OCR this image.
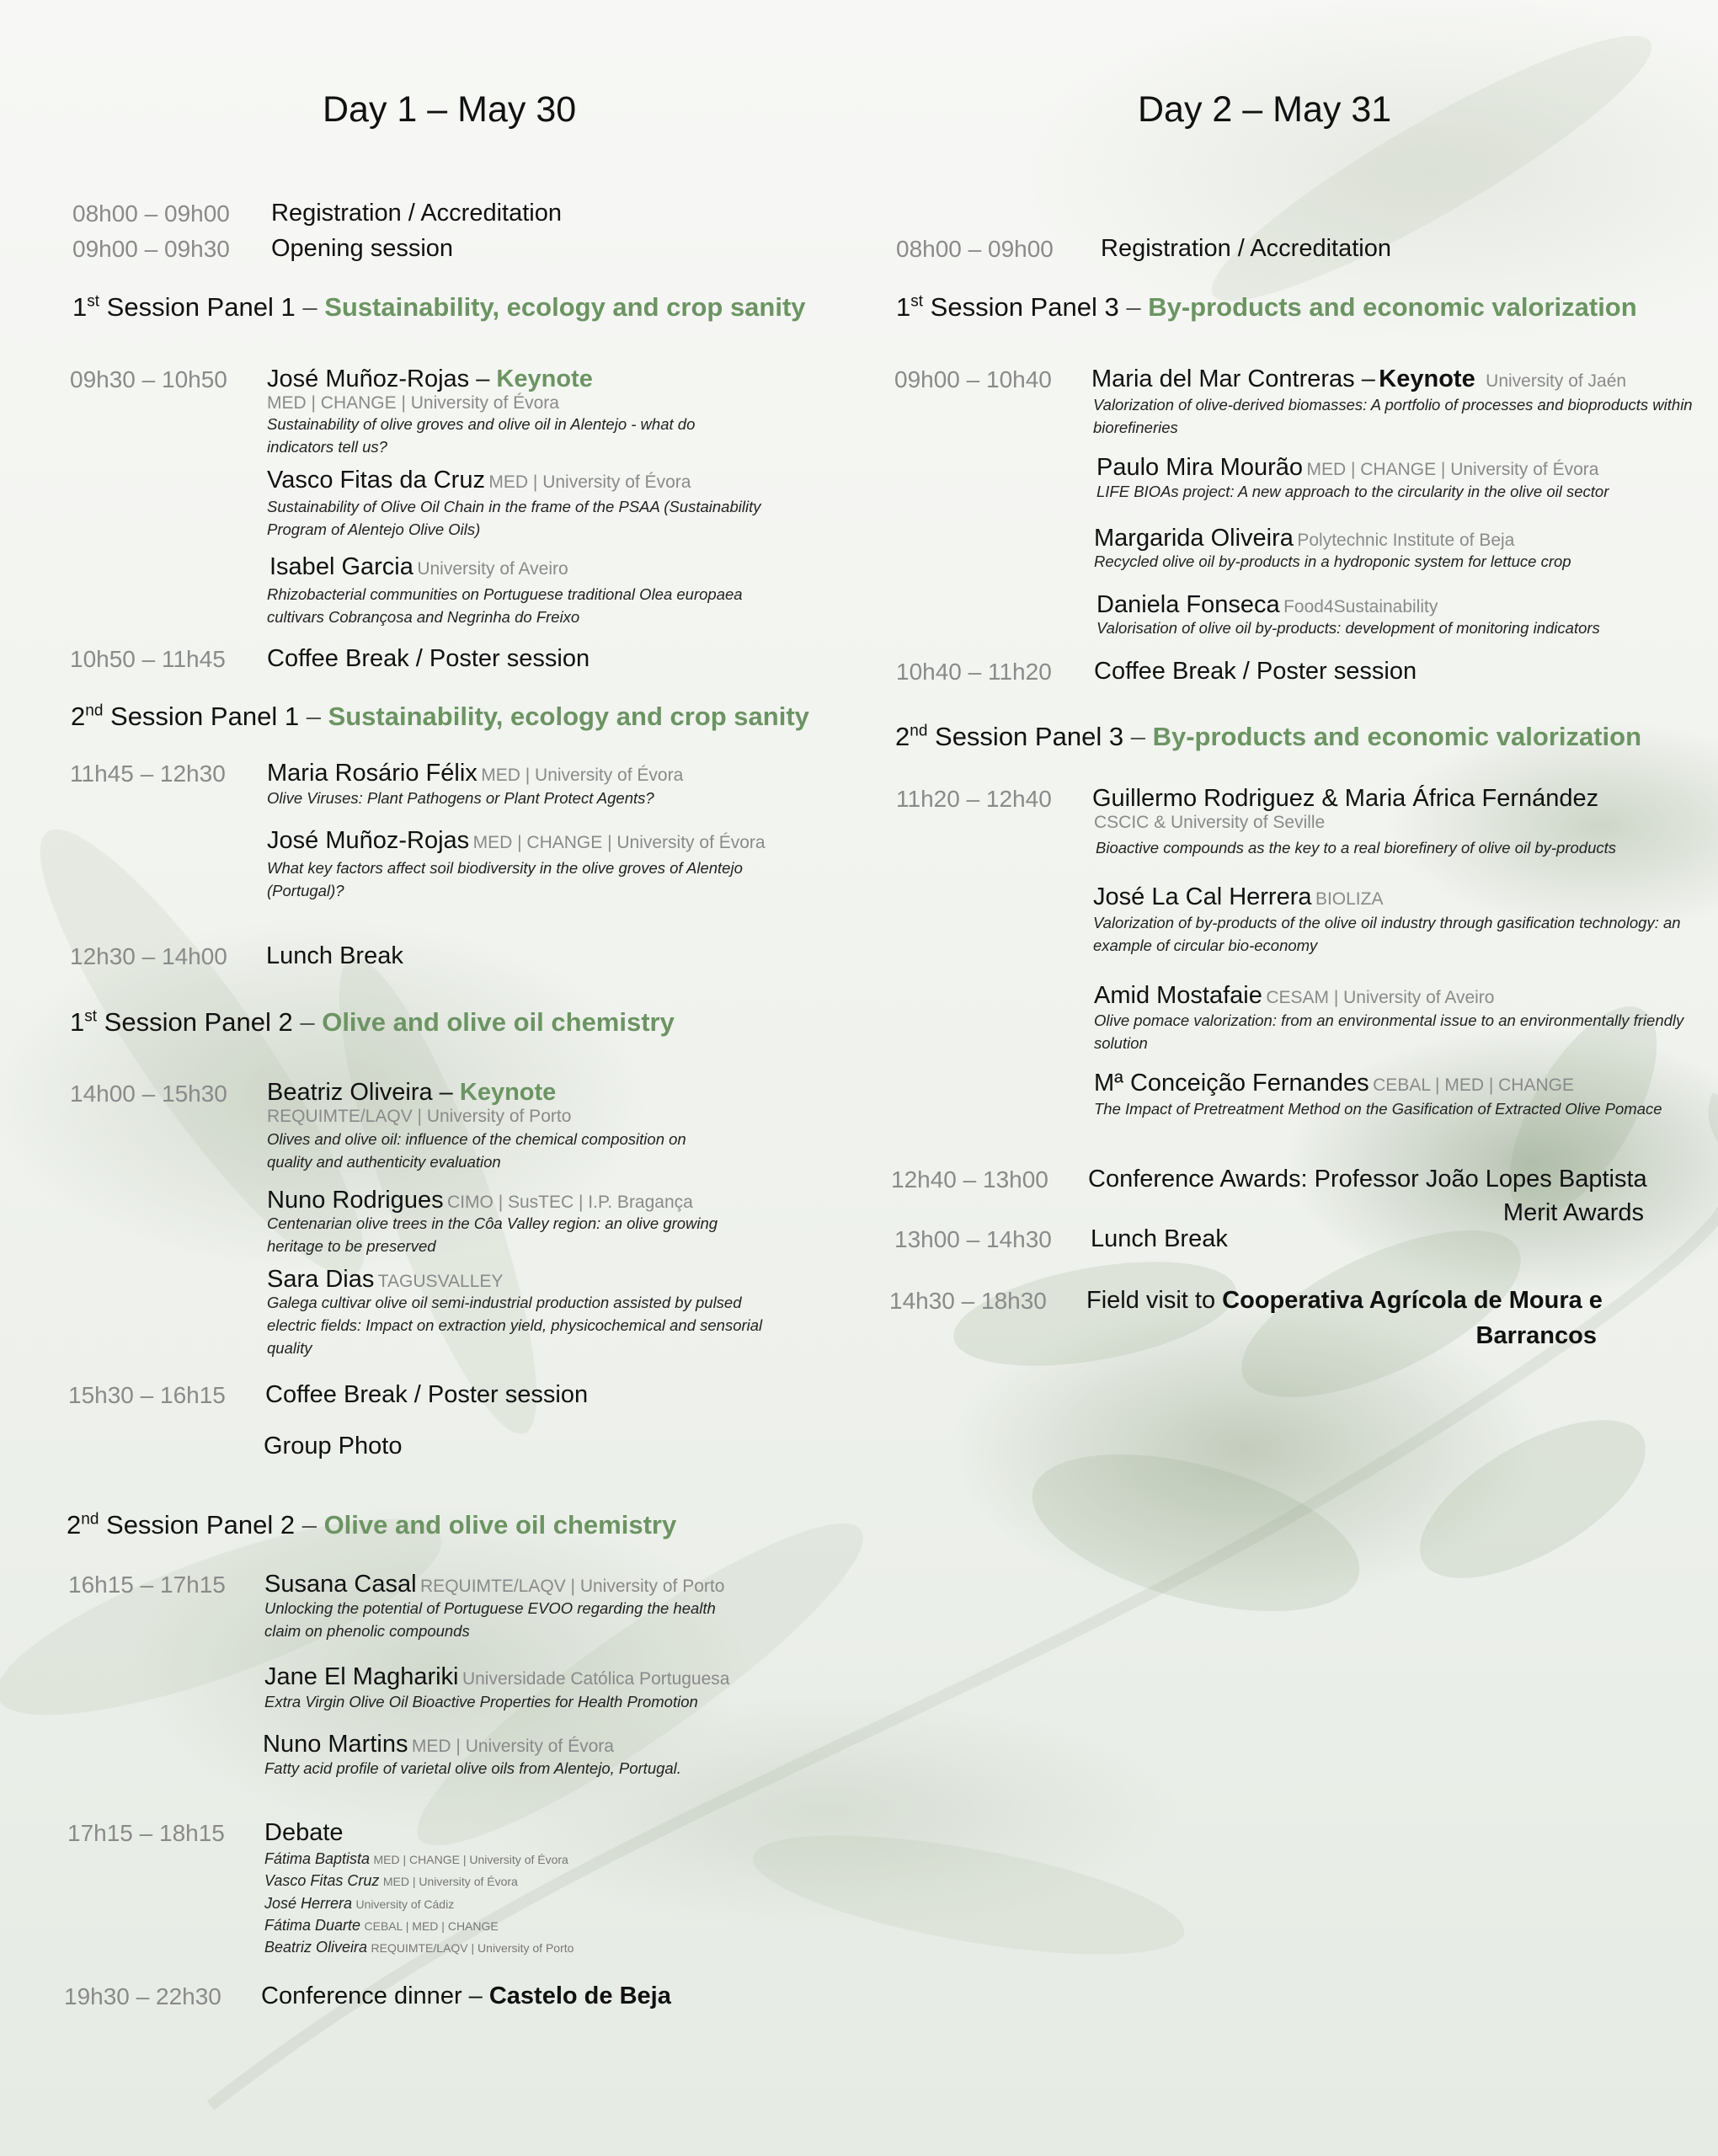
Day 1 – May 30
08h00 – 09h00 Registration / Accreditation
09h00 – 09h30 Opening session
1st Session Panel 1 – Sustainability, ecology and crop sanity
09h30 – 10h50 José Muñoz-Rojas – Keynote
MED | CHANGE | University of Évora
Sustainability of olive groves and olive oil in Alentejo - what do indicators tell us?
Vasco Fitas da Cruz MED | University of Évora
Sustainability of Olive Oil Chain in the frame of the PSAA (Sustainability Program of Alentejo Olive Oils)
Isabel Garcia University of Aveiro
Rhizobacterial communities on Portuguese traditional Olea europaea cultivars Cobrançosa and Negrinha do Freixo
10h50 – 11h45 Coffee Break / Poster session
2nd Session Panel 1 – Sustainability, ecology and crop sanity
11h45 – 12h30 Maria Rosário Félix MED | University of Évora
Olive Viruses: Plant Pathogens or Plant Protect Agents?
José Muñoz-Rojas MED | CHANGE | University of Évora
What key factors affect soil biodiversity in the olive groves of Alentejo (Portugal)?
12h30 – 14h00 Lunch Break
1st Session Panel 2 – Olive and olive oil chemistry
14h00 – 15h30 Beatriz Oliveira – Keynote
REQUIMTE/LAQV | University of Porto
Olives and olive oil: influence of the chemical composition on quality and authenticity evaluation
Nuno Rodrigues CIMO | SusTEC | I.P. Bragança
Centenarian olive trees in the Côa Valley region: an olive growing heritage to be preserved
Sara Dias TAGUSVALLEY
Galega cultivar olive oil semi-industrial production assisted by pulsed electric fields: Impact on extraction yield, physicochemical and sensorial quality
15h30 – 16h15 Coffee Break / Poster session
Group Photo
2nd Session Panel 2 – Olive and olive oil chemistry
16h15 – 17h15 Susana Casal REQUIMTE/LAQV | University of Porto
Unlocking the potential of Portuguese EVOO regarding the health claim on phenolic compounds
Jane El Maghariki Universidade Católica Portuguesa
Extra Virgin Olive Oil Bioactive Properties for Health Promotion
Nuno Martins MED | University of Évora
Fatty acid profile of varietal olive oils from Alentejo, Portugal.
17h15 – 18h15 Debate
Fátima Baptista MED | CHANGE | University of Évora
Vasco Fitas Cruz MED | University of Évora
José Herrera University of Cádiz
Fátima Duarte CEBAL | MED | CHANGE
Beatriz Oliveira REQUIMTE/LAQV | University of Porto
19h30 – 22h30 Conference dinner – Castelo de Beja
Day 2 – May 31
08h00 – 09h00 Registration / Accreditation
1st Session Panel 3 – By-products and economic valorization
09h00 – 10h40 Maria del Mar Contreras – Keynote University of Jaén
Valorization of olive-derived biomasses: A portfolio of processes and bioproducts within biorefineries
Paulo Mira Mourão MED | CHANGE | University of Évora
LIFE BIOAs project: A new approach to the circularity in the olive oil sector
Margarida Oliveira Polytechnic Institute of Beja
Recycled olive oil by-products in a hydroponic system for lettuce crop
Daniela Fonseca Food4Sustainability
Valorisation of olive oil by-products: development of monitoring indicators
10h40 – 11h20 Coffee Break / Poster session
2nd Session Panel 3 – By-products and economic valorization
11h20 – 12h40 Guillermo Rodriguez & Maria África Fernández
CSCIC & University of Seville
Bioactive compounds as the key to a real biorefinery of olive oil by-products
José La Cal Herrera BIOLIZA
Valorization of by-products of the olive oil industry through gasification technology: an example of circular bio-economy
Amid Mostafaie CESAM | University of Aveiro
Olive pomace valorization: from an environmental issue to an environmentally friendly solution
Mª Conceição Fernandes CEBAL | MED | CHANGE
The Impact of Pretreatment Method on the Gasification of Extracted Olive Pomace
12h40 – 13h00 Conference Awards: Professor João Lopes Baptista
Merit Awards
13h00 – 14h30 Lunch Break
14h30 – 18h30 Field visit to Cooperativa Agrícola de Moura e
Barrancos
